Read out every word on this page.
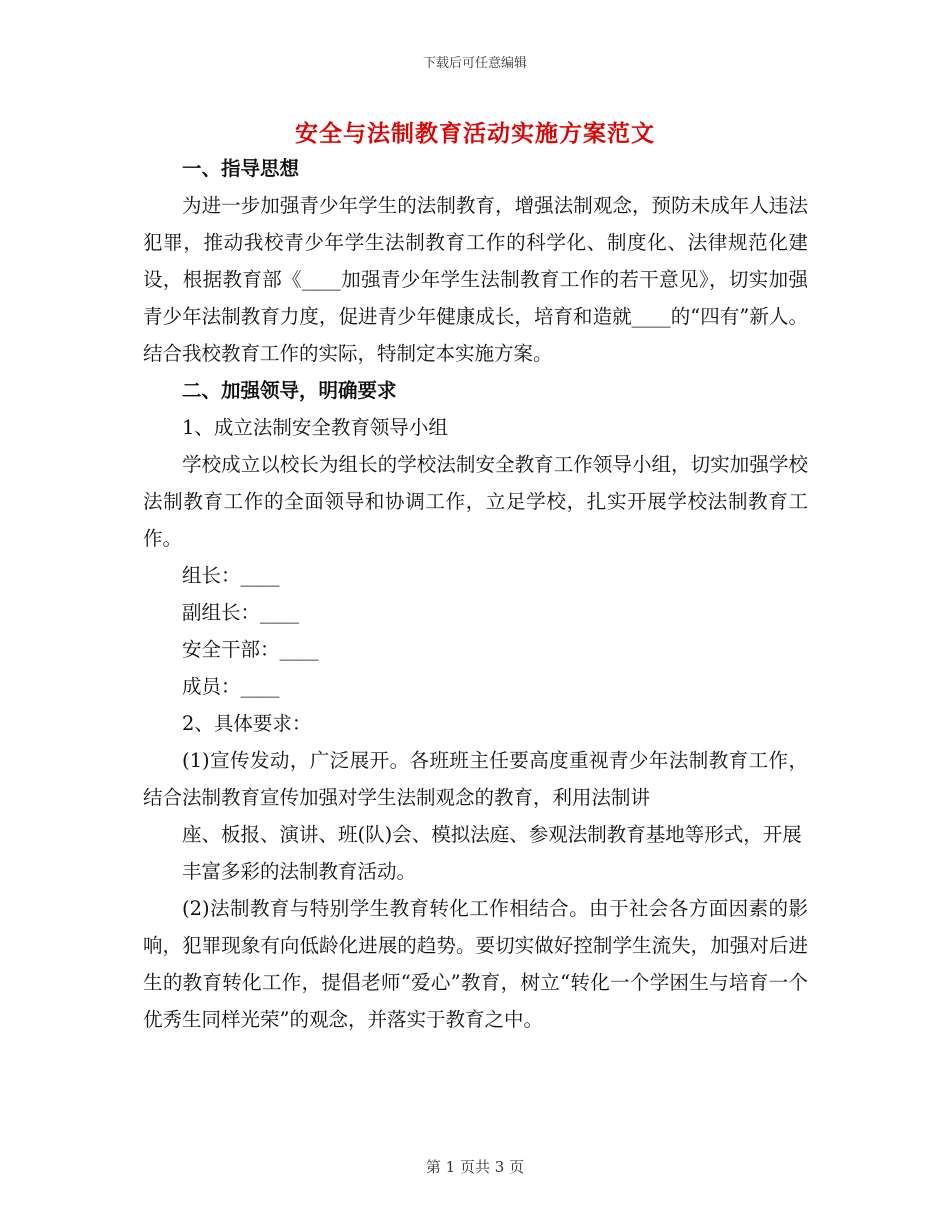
下载后可任意编辑
安全与法制教育活动实施方案范文

一、指导思想

为进一步加强青少年学生的法制教育，增强法制观念，预防未成年人违法犯罪，推动我校青少年学生法制教育工作的科学化、制度化、法律规范化建设，根据教育部《____加强青少年学生法制教育工作的若干意见》，切实加强青少年法制教育力度，促进青少年健康成长，培育和造就____的“四有”新人。结合我校教育工作的实际，特制定本实施方案。

二、加强领导，明确要求

1、成立法制安全教育领导小组

学校成立以校长为组长的学校法制安全教育工作领导小组，切实加强学校法制教育工作的全面领导和协调工作，立足学校，扎实开展学校法制教育工作。

组长：____

副组长：____

安全干部：____

成员：____

2、具体要求：

(1)宣传发动，广泛展开。各班班主任要高度重视青少年法制教育工作，结合法制教育宣传加强对学生法制观念的教育，利用法制讲

座、板报、演讲、班(队)会、模拟法庭、参观法制教育基地等形式，开展丰富多彩的法制教育活动。

(2)法制教育与特别学生教育转化工作相结合。由于社会各方面因素的影响，犯罪现象有向低龄化进展的趋势。要切实做好控制学生流失，加强对后进生的教育转化工作，提倡老师“爱心”教育，树立“转化一个学困生与培育一个优秀生同样光荣”的观念，并落实于教育之中。

第 1 页共 3 页
